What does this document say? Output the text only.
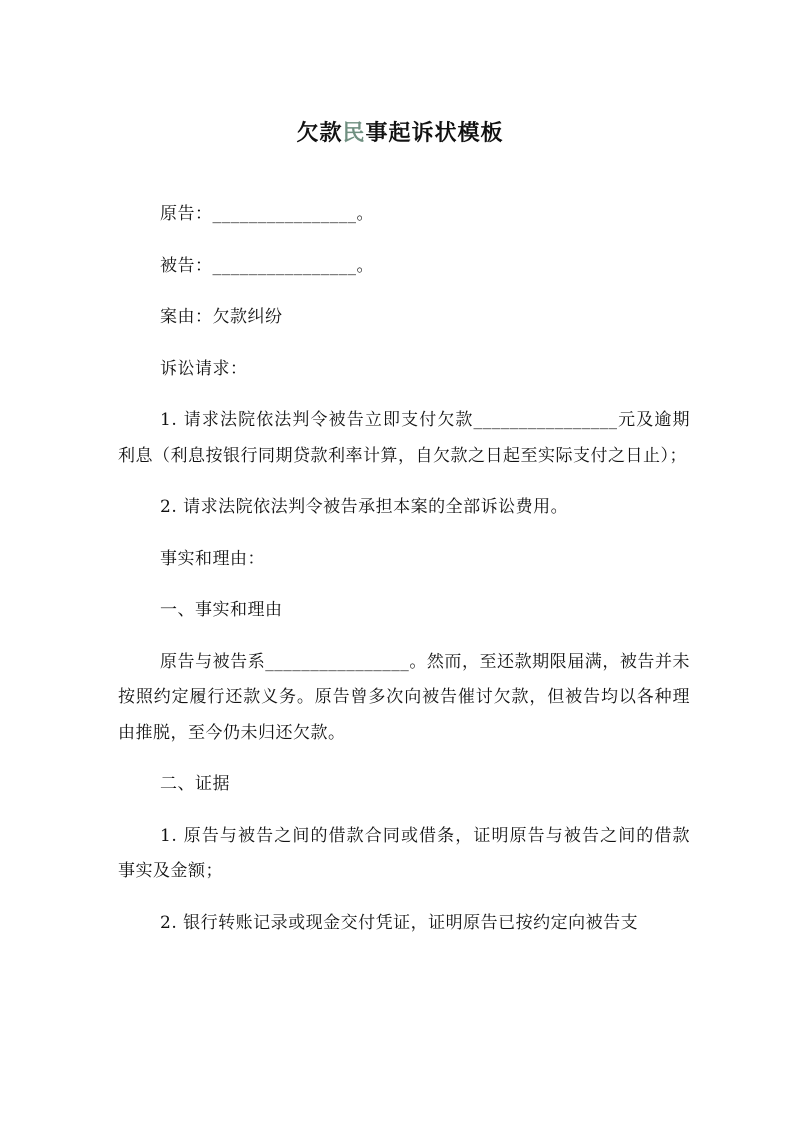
欠款民事起诉状模板

原告：________________。

被告：________________。

案由：欠款纠纷

诉讼请求：

1. 请求法院依法判令被告立即支付欠款________________元及逾期利息（利息按银行同期贷款利率计算，自欠款之日起至实际支付之日止）；

2. 请求法院依法判令被告承担本案的全部诉讼费用。

事实和理由：

一、事实和理由

原告与被告系________________。然而，至还款期限届满，被告并未按照约定履行还款义务。原告曾多次向被告催讨欠款，但被告均以各种理由推脱，至今仍未归还欠款。

二、证据

1. 原告与被告之间的借款合同或借条，证明原告与被告之间的借款事实及金额；

2. 银行转账记录或现金交付凭证，证明原告已按约定向被告支
